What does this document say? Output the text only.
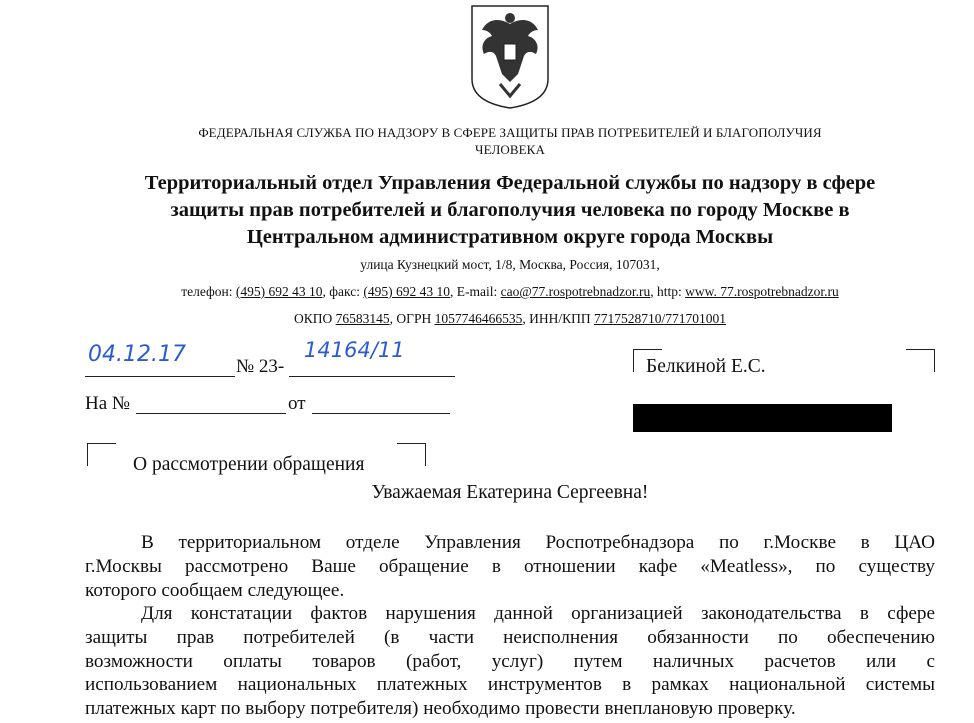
ФЕДЕРАЛЬНАЯ СЛУЖБА ПО НАДЗОРУ В СФЕРЕ ЗАЩИТЫ ПРАВ ПОТРЕБИТЕЛЕЙ И БЛАГОПОЛУЧИЯ
ЧЕЛОВЕКА
Территориальный отдел Управления Федеральной службы по надзору в сфере
защиты прав потребителей и благополучия человека по городу Москве в
Центральном административном округе города Москвы
улица Кузнецкий мост, 1/8, Москва, Россия, 107031,
телефон: (495) 692 43 10, факс: (495) 692 43 10, E-mail: cao@77.rospotrebnadzor.ru, http: www. 77.rospotrebnadzor.ru
ОКПО 76583145, ОГРН 1057746466535, ИНН/КПП 7717528710/771701001
04.12.17	№ 23-
14164/11
На №	от
Белкиной Е.С.
О рассмотрении обращения
Уважаемая Екатерина Сергеевна!
В территориальном отделе Управления Роспотребнадзора по г.Москве в ЦАО
г.Москвы рассмотрено Ваше обращение в отношении кафе «Meatless», по существу
которого сообщаем следующее.
Для констатации фактов нарушения данной организацией законодательства в сфере
защиты прав потребителей (в части неисполнения обязанности по обеспечению
возможности оплаты товаров (работ, услуг) путем наличных расчетов или с
использованием национальных платежных инструментов в рамках национальной системы
платежных карт по выбору потребителя) необходимо провести внеплановую проверку.
